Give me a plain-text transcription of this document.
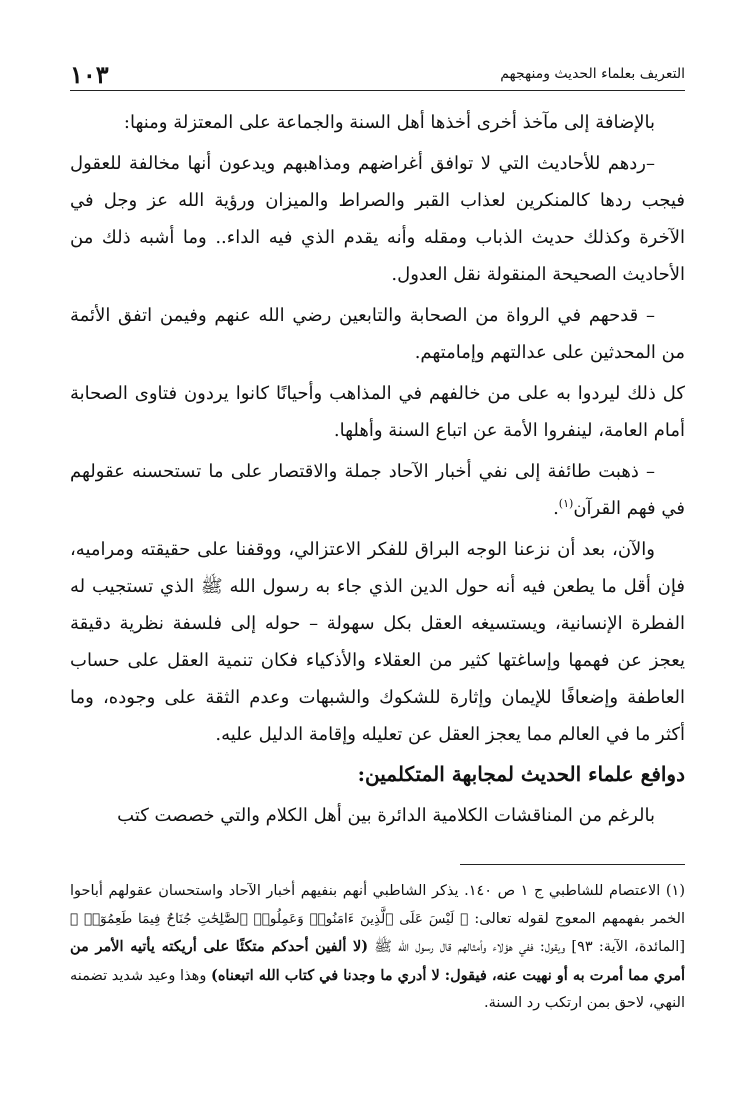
التعريف بعلماء الحديث ومنهجهم
١٠٣

بالإضافة إلى مآخذ أخرى أخذها أهل السنة والجماعة على المعتزلة ومنها:

–ردهم للأحاديث التي لا توافق أغراضهم ومذاهبهم ويدعون أنها مخالفة للعقول فيجب ردها كالمنكرين لعذاب القبر والصراط والميزان ورؤية الله عز وجل في الآخرة وكذلك حديث الذباب ومقله وأنه يقدم الذي فيه الداء.. وما أشبه ذلك من الأحاديث الصحيحة المنقولة نقل العدول.

– قدحهم في الرواة من الصحابة والتابعين رضي الله عنهم وفيمن اتفق الأئمة من المحدثين على عدالتهم وإمامتهم.

كل ذلك ليردوا به على من خالفهم في المذاهب وأحيانًا كانوا يردون فتاوى الصحابة أمام العامة، لينفروا الأمة عن اتباع السنة وأهلها.

– ذهبت طائفة إلى نفي أخبار الآحاد جملة والاقتصار على ما تستحسنه عقولهم في فهم القرآن$^{(١)}$.

والآن، بعد أن نزعنا الوجه البراق للفكر الاعتزالي، ووقفنا على حقيقته ومراميه، فإن أقل ما يطعن فيه أنه حول الدين الذي جاء به رسول الله ﷺ الذي تستجيب له الفطرة الإنسانية، ويستسيغه العقل بكل سهولة – حوله إلى فلسفة نظرية دقيقة يعجز عن فهمها وإساغتها كثير من العقلاء والأذكياء فكان تنمية العقل على حساب العاطفة وإضعافًا للإيمان وإثارة للشكوك والشبهات وعدم الثقة على وجوده، وما أكثر ما في العالم مما يعجز العقل عن تعليله وإقامة الدليل عليه.

دوافع علماء الحديث لمجابهة المتكلمين:

بالرغم من المناقشات الكلامية الدائرة بين أهل الكلام والتي خصصت كتب

(١) الاعتصام للشاطبي ج ١ ص ١٤٠. يذكر الشاطبي أنهم بنفيهم أخبار الآحاد واستحسان عقولهم أباحوا الخمر بفهمهم المعوج لقوله تعالى: ﴿ لَيْسَ عَلَى ٱلَّذِينَ ءَامَنُوا۟ وَعَمِلُوا۟ ٱلصَّٰلِحَٰتِ جُنَاحٌ فِيمَا طَعِمُوٓا۟ ﴾ [المائدة، الآية: ٩٣] ويقول: ففي هؤلاء وأمثالهم قال رسول الله ﷺ (لا ألفين أحدكم متكئًا على أريكته يأتيه الأمر من أمري مما أمرت به أو نهيت عنه، فيقول: لا أدري ما وجدنا في كتاب الله اتبعناه) وهذا وعيد شديد تضمنه النهي، لاحق بمن ارتكب رد السنة.
